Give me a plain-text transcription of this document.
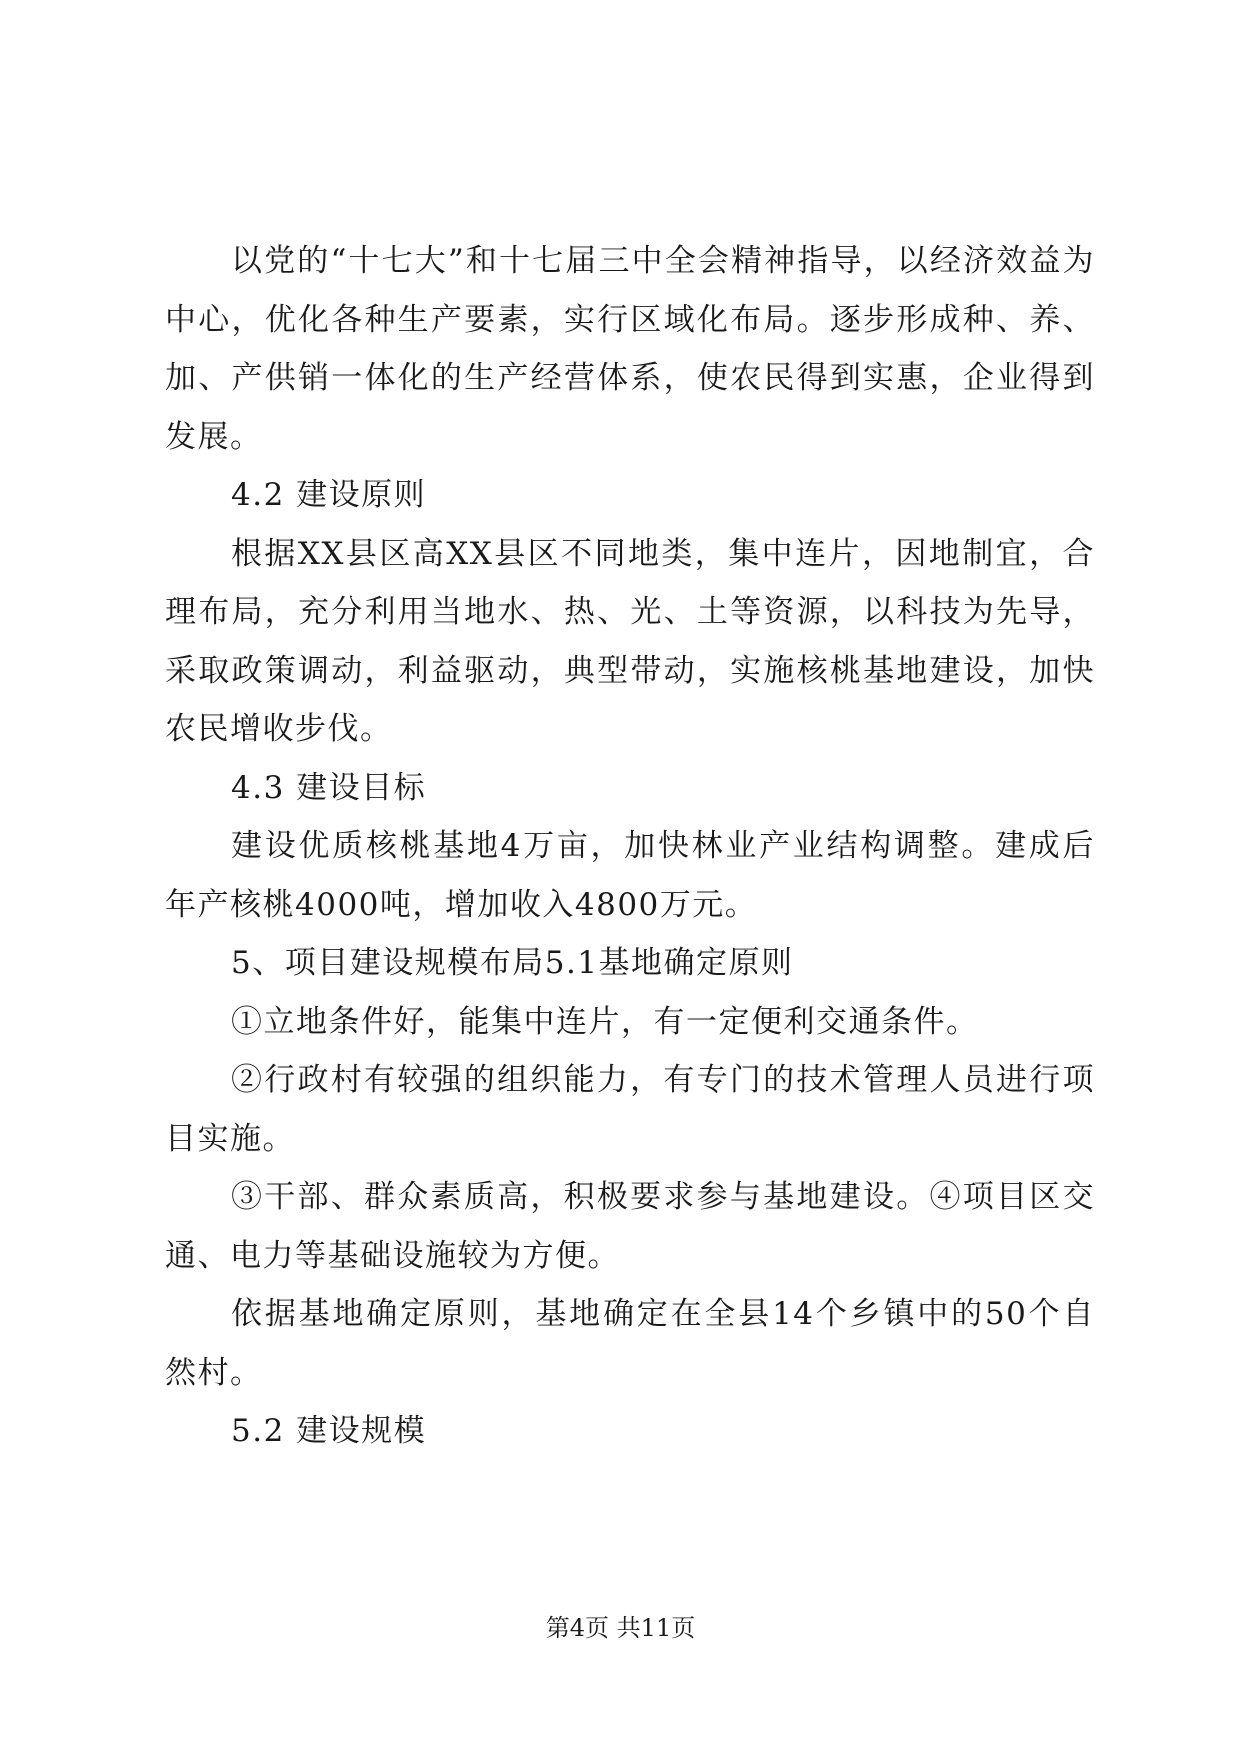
以党的“十七大”和十七届三中全会精神指导，以经济效益为中心，优化各种生产要素，实行区域化布局。逐步形成种、养、加、产供销一体化的生产经营体系，使农民得到实惠，企业得到发展。

4.2 建设原则

根据XX县区高XX县区不同地类，集中连片，因地制宜，合理布局，充分利用当地水、热、光、土等资源，以科技为先导，采取政策调动，利益驱动，典型带动，实施核桃基地建设，加快农民增收步伐。

4.3 建设目标

建设优质核桃基地4万亩，加快林业产业结构调整。建成后年产核桃4000吨，增加收入4800万元。

5、项目建设规模布局5.1基地确定原则

①立地条件好，能集中连片，有一定便利交通条件。

②行政村有较强的组织能力，有专门的技术管理人员进行项目实施。

③干部、群众素质高，积极要求参与基地建设。④项目区交通、电力等基础设施较为方便。

依据基地确定原则，基地确定在全县14个乡镇中的50个自然村。

5.2 建设规模

第4页 共11页
